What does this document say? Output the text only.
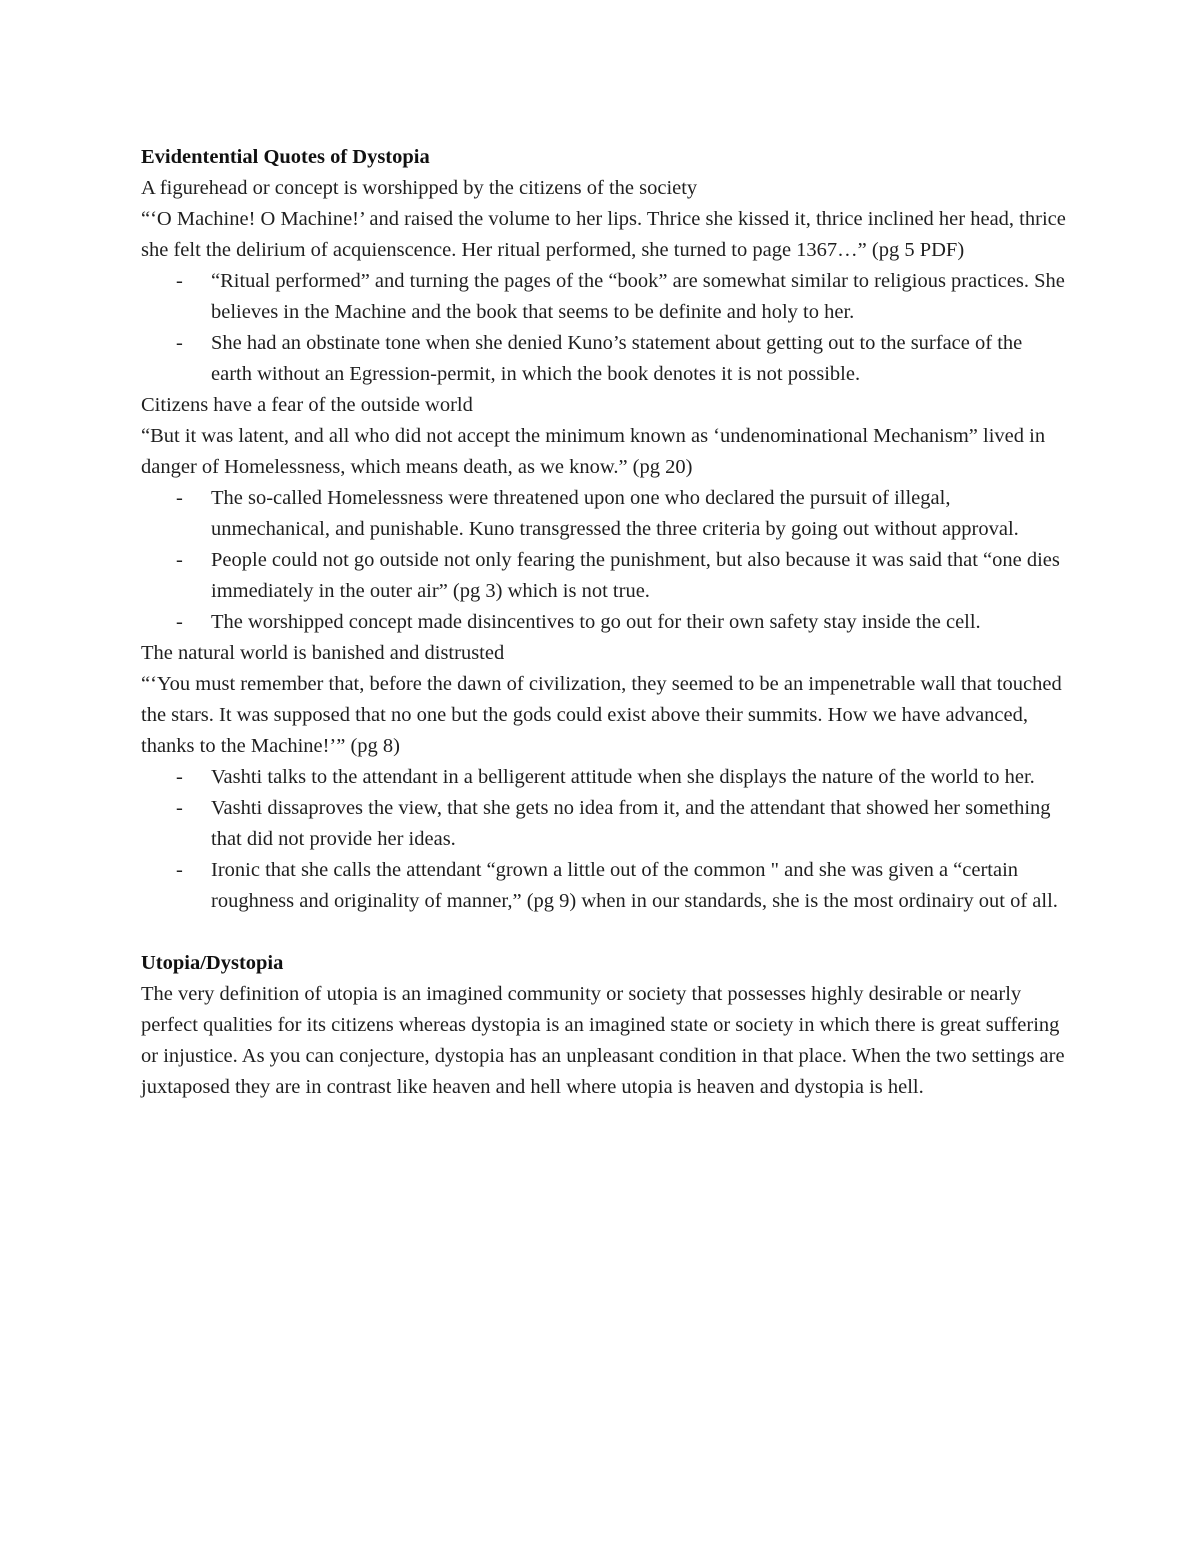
Evidentential Quotes of Dystopia

A figurehead or concept is worshipped by the citizens of the society

“‘O Machine! O Machine!’ and raised the volume to her lips. Thrice she kissed it, thrice inclined her head, thrice she felt the delirium of acquienscence. Her ritual performed, she turned to page 1367…” (pg 5 PDF)

- “Ritual performed” and turning the pages of the “book” are somewhat similar to religious practices. She believes in the Machine and the book that seems to be definite and holy to her.
- She had an obstinate tone when she denied Kuno’s statement about getting out to the surface of the earth without an Egression-permit, in which the book denotes it is not possible.

Citizens have a fear of the outside world

“But it was latent, and all who did not accept the minimum known as ‘undenominational Mechanism” lived in danger of Homelessness, which means death, as we know.” (pg 20)

- The so-called Homelessness were threatened upon one who declared the pursuit of illegal, unmechanical, and punishable. Kuno transgressed the three criteria by going out without approval.
- People could not go outside not only fearing the punishment, but also because it was said that “one dies immediately in the outer air” (pg 3) which is not true.
- The worshipped concept made disincentives to go out for their own safety stay inside the cell.

The natural world is banished and distrusted

“‘You must remember that, before the dawn of civilization, they seemed to be an impenetrable wall that touched the stars. It was supposed that no one but the gods could exist above their summits. How we have advanced, thanks to the Machine!’” (pg 8)

- Vashti talks to the attendant in a belligerent attitude when she displays the nature of the world to her.
- Vashti dissaproves the view, that she gets no idea from it, and the attendant that showed her something that did not provide her ideas.
- Ironic that she calls the attendant “grown a little out of the common " and she was given a “certain roughness and originality of manner,” (pg 9) when in our standards, she is the most ordinairy out of all.

Utopia/Dystopia

The very definition of utopia is an imagined community or society that possesses highly desirable or nearly perfect qualities for its citizens whereas dystopia is an imagined state or society in which there is great suffering or injustice. As you can conjecture, dystopia has an unpleasant condition in that place. When the two settings are juxtaposed they are in contrast like heaven and hell where utopia is heaven and dystopia is hell.
